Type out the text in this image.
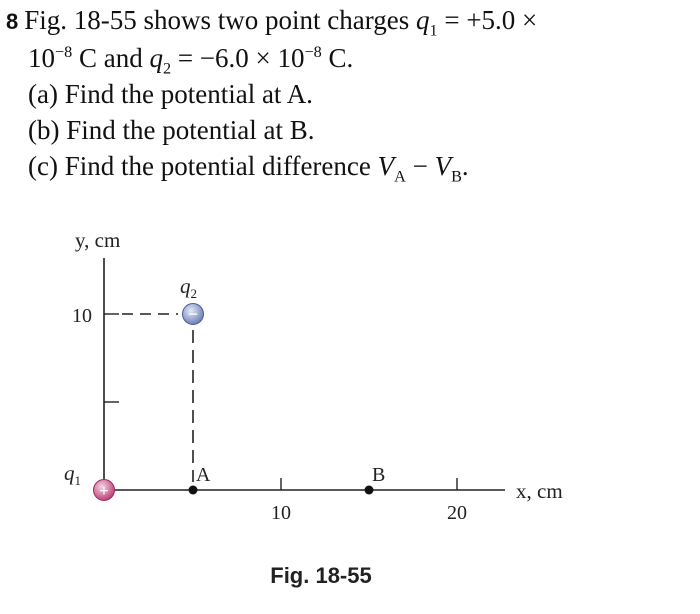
8 Fig. 18-55 shows two point charges $q_1 = +5.0$ ×
$10^{-8}$ C and $q_2 = -6.0 \times 10^{-8}$ C.
(a) Find the potential at A.
(b) Find the potential at B.
(c) Find the potential difference $V_A - V_B$.
+
−
y, cm
x, cm
10
10	20
$q_1$
$q_2$
A	B
Fig. 18-55
